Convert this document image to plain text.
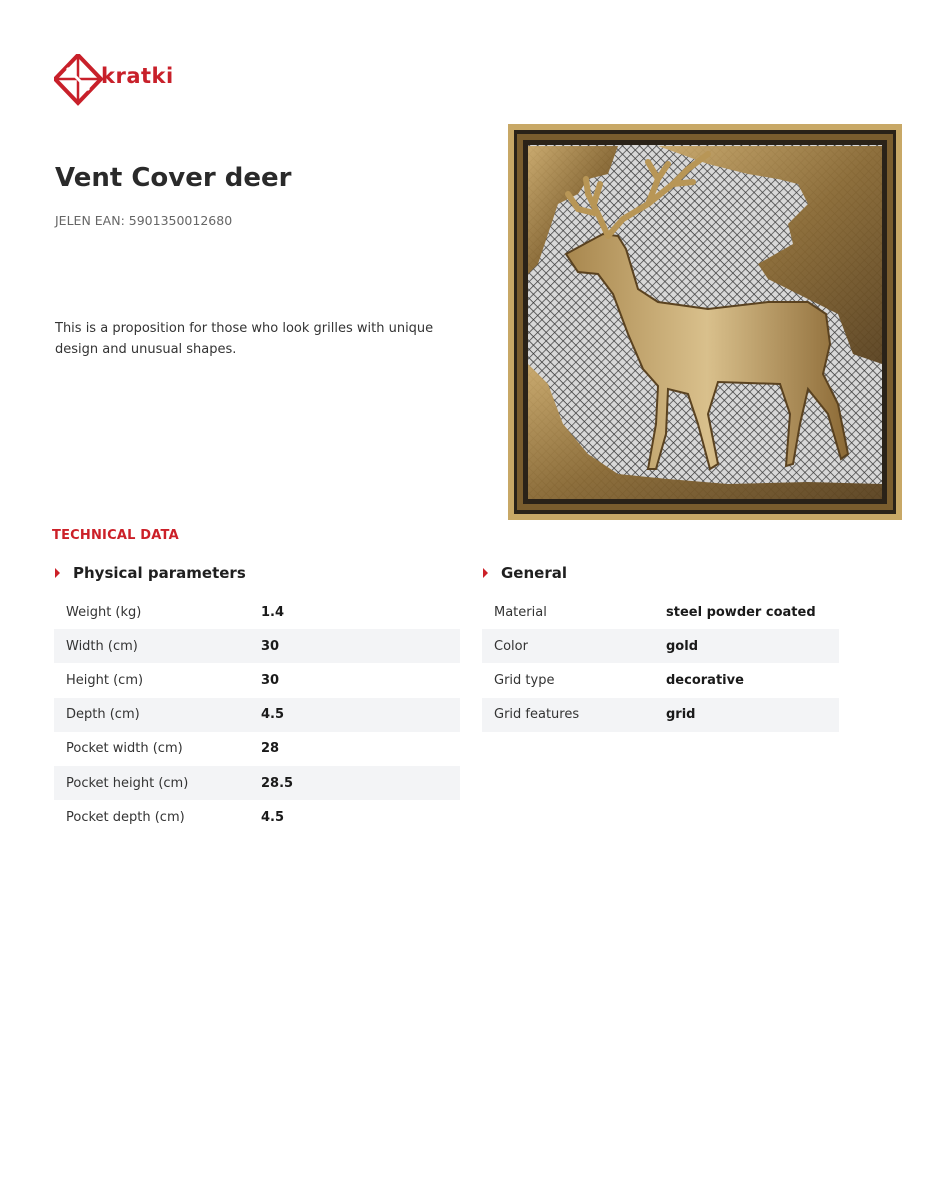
kratki
Vent Cover deer
JELEN EAN: 5901350012680
This is a proposition for those who look grilles with unique design and unusual shapes.
TECHNICAL DATA
Physical parameters
Weight (kg)	1.4
Width (cm)	30
Height (cm)	30
Depth (cm)	4.5
Pocket width (cm)	28
Pocket height (cm)	28.5
Pocket depth (cm)	4.5
General
Material	steel powder coated
Color	gold
Grid type	decorative
Grid features	grid
